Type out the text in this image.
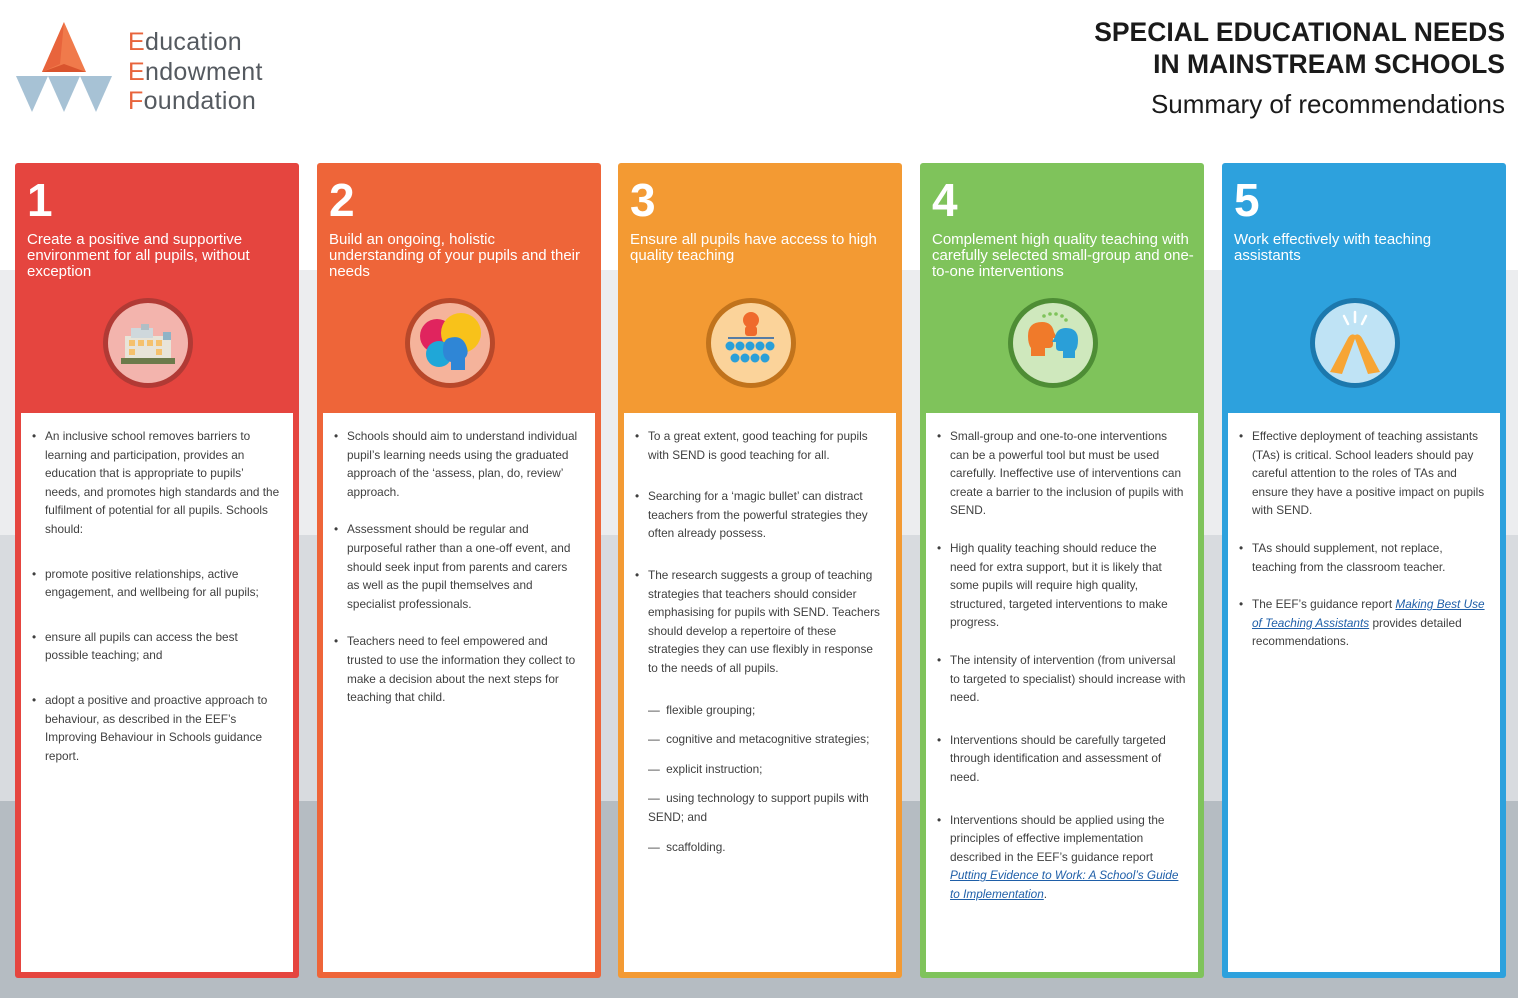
Education
Endowment
Foundation
SPECIAL EDUCATIONAL NEEDS
IN MAINSTREAM SCHOOLS
Summary of recommendations
1
Create a positive and supportive environment for all pupils, without exception
• An inclusive school removes barriers to learning and participation, provides an education that is appropriate to pupils’ needs, and promotes high standards and the fulfilment of potential for all pupils. Schools should:
• promote positive relationships, active engagement, and wellbeing for all pupils;
• ensure all pupils can access the best possible teaching; and
• adopt a positive and proactive approach to behaviour, as described in the EEF’s Improving Behaviour in Schools guidance report.
2
Build an ongoing, holistic understanding of your pupils and their needs
• Schools should aim to understand individual pupil’s learning needs using the graduated approach of the ‘assess, plan, do, review’ approach.
• Assessment should be regular and purposeful rather than a one-off event, and should seek input from parents and carers as well as the pupil themselves and specialist professionals.
• Teachers need to feel empowered and trusted to use the information they collect to make a decision about the next steps for teaching that child.
3
Ensure all pupils have access to high quality teaching
• To a great extent, good teaching for pupils with SEND is good teaching for all.
• Searching for a ‘magic bullet’ can distract teachers from the powerful strategies they often already possess.
• The research suggests a group of teaching strategies that teachers should consider emphasising for pupils with SEND. Teachers should develop a repertoire of these strategies they can use flexibly in response to the needs of all pupils.
— flexible grouping;
— cognitive and metacognitive strategies;
— explicit instruction;
— using technology to support pupils with SEND; and
— scaffolding.
4
Complement high quality teaching with carefully selected small-group and one-to-one interventions
• Small-group and one-to-one interventions can be a powerful tool but must be used carefully. Ineffective use of interventions can create a barrier to the inclusion of pupils with SEND.
• High quality teaching should reduce the need for extra support, but it is likely that some pupils will require high quality, structured, targeted interventions to make progress.
• The intensity of intervention (from universal to targeted to specialist) should increase with need.
• Interventions should be carefully targeted through identification and assessment of need.
• Interventions should be applied using the principles of effective implementation described in the EEF’s guidance report Putting Evidence to Work: A School’s Guide to Implementation.
5
Work effectively with teaching assistants
• Effective deployment of teaching assistants (TAs) is critical. School leaders should pay careful attention to the roles of TAs and ensure they have a positive impact on pupils with SEND.
• TAs should supplement, not replace, teaching from the classroom teacher.
• The EEF’s guidance report Making Best Use of Teaching Assistants provides detailed recommendations.
